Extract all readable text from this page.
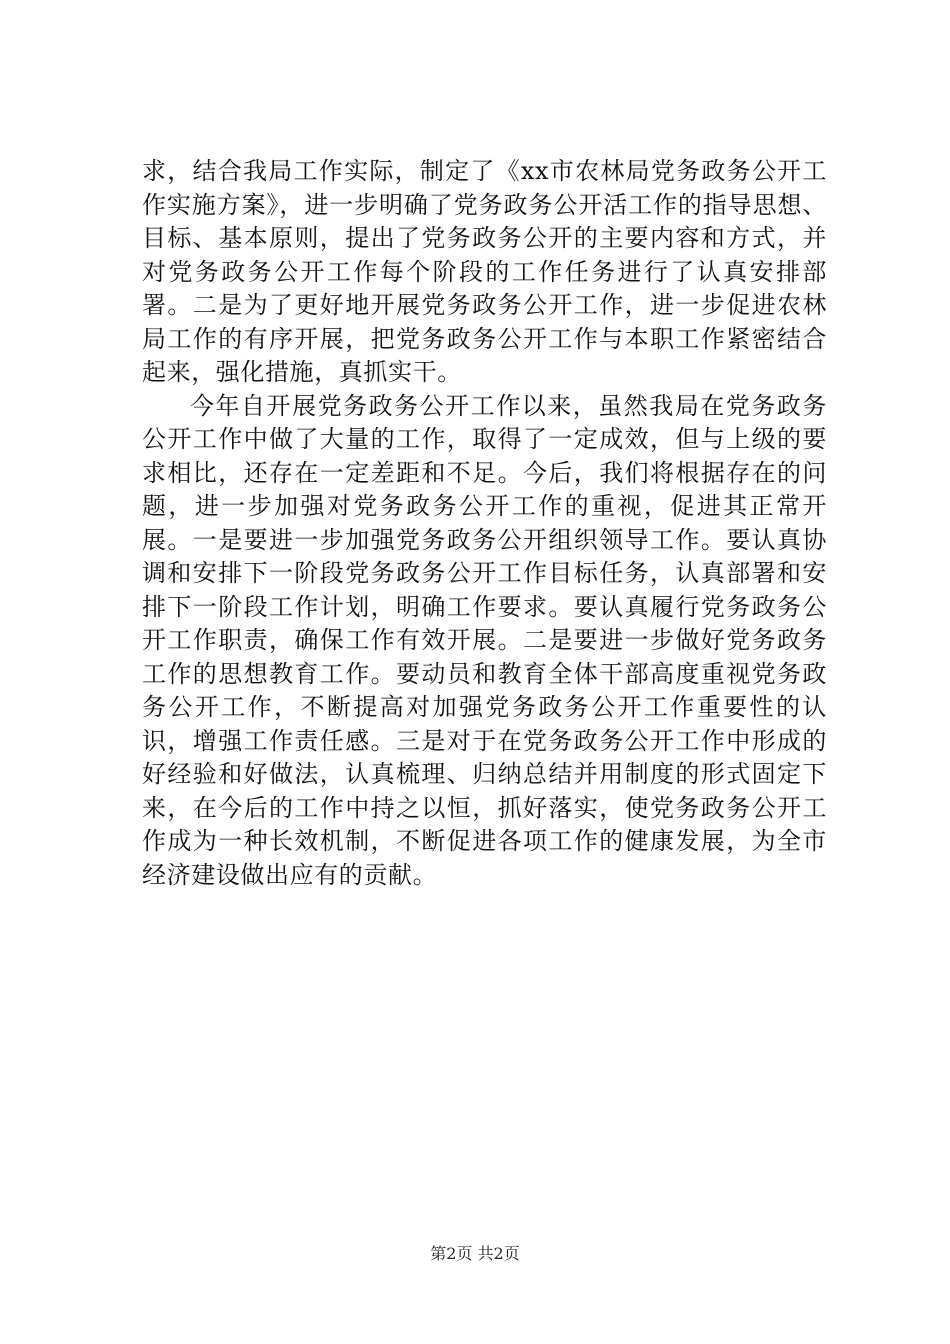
求，结合我局工作实际，制定了《xx市农林局党务政务公开工作实施方案》，进一步明确了党务政务公开活工作的指导思想、目标、基本原则，提出了党务政务公开的主要内容和方式，并对党务政务公开工作每个阶段的工作任务进行了认真安排部署。二是为了更好地开展党务政务公开工作，进一步促进农林局工作的有序开展，把党务政务公开工作与本职工作紧密结合起来，强化措施，真抓实干。

今年自开展党务政务公开工作以来，虽然我局在党务政务公开工作中做了大量的工作，取得了一定成效，但与上级的要求相比，还存在一定差距和不足。今后，我们将根据存在的问题，进一步加强对党务政务公开工作的重视，促进其正常开展。一是要进一步加强党务政务公开组织领导工作。要认真协调和安排下一阶段党务政务公开工作目标任务，认真部署和安排下一阶段工作计划，明确工作要求。要认真履行党务政务公开工作职责，确保工作有效开展。二是要进一步做好党务政务工作的思想教育工作。要动员和教育全体干部高度重视党务政务公开工作，不断提高对加强党务政务公开工作重要性的认识，增强工作责任感。三是对于在党务政务公开工作中形成的好经验和好做法，认真梳理、归纳总结并用制度的形式固定下来，在今后的工作中持之以恒，抓好落实，使党务政务公开工作成为一种长效机制，不断促进各项工作的健康发展，为全市经济建设做出应有的贡献。

第2页 共2页
